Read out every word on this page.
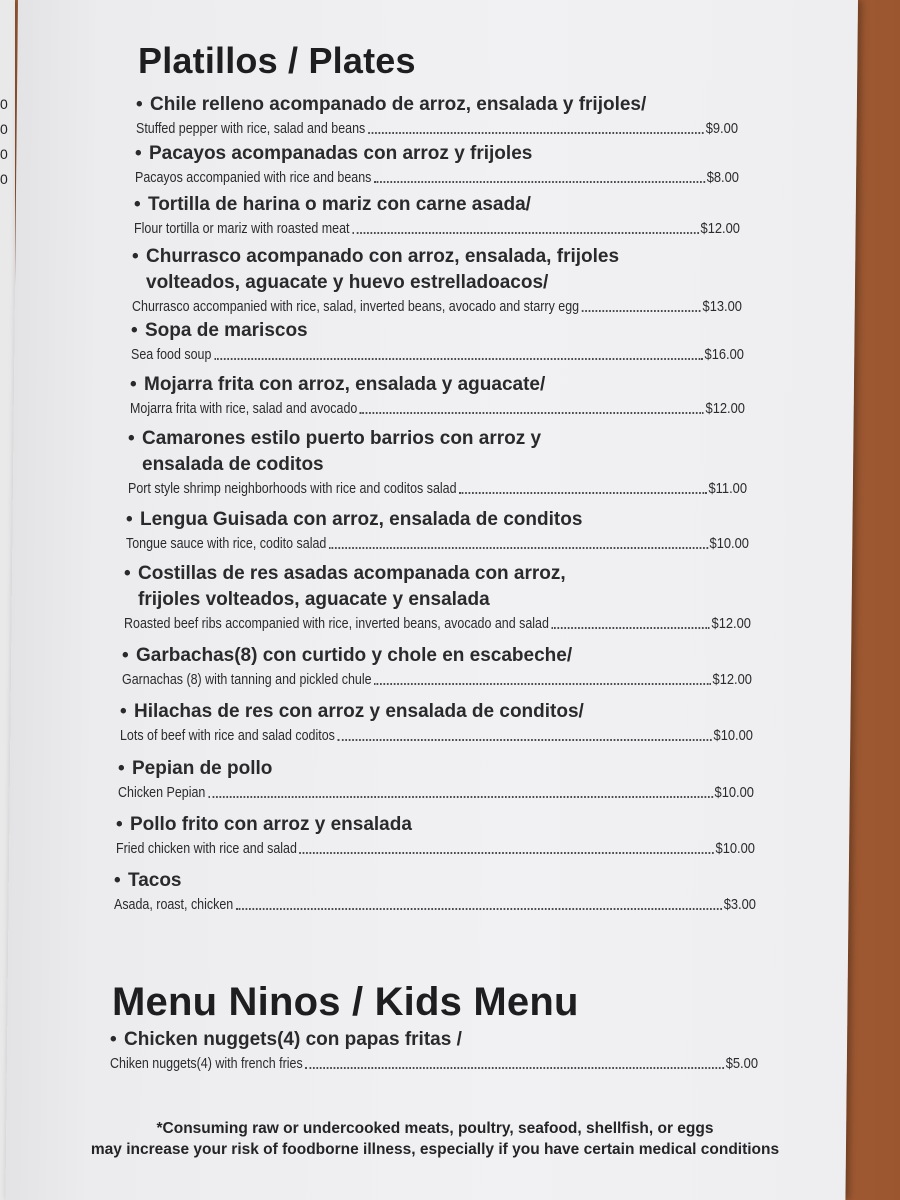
0
0
0
0
Platillos / Plates
• Chile relleno acompanado de arroz, ensalada y frijoles/
Stuffed pepper with rice, salad and beans	$9.00
• Pacayos acompanadas con arroz y frijoles
Pacayos accompanied with rice and beans	$8.00
• Tortilla de harina o mariz con carne asada/
Flour tortilla or mariz with roasted meat	$12.00
• Churrasco acompanado con arroz, ensalada, frijoles
volteados, aguacate y huevo estrelladoacos/
Churrasco accompanied with rice, salad, inverted beans, avocado and starry egg	$13.00
• Sopa de mariscos
Sea food soup	$16.00
• Mojarra frita con arroz, ensalada y aguacate/
Mojarra frita with rice, salad and avocado	$12.00
• Camarones estilo puerto barrios con arroz y
ensalada de coditos
Port style shrimp neighborhoods with rice and coditos salad	$11.00
• Lengua Guisada con arroz, ensalada de conditos
Tongue sauce with rice, codito salad	$10.00
• Costillas de res asadas acompanada con arroz,
frijoles volteados, aguacate y ensalada
Roasted beef ribs accompanied with rice, inverted beans, avocado and salad	$12.00
• Garbachas(8) con curtido y chole en escabeche/
Garnachas (8) with tanning and pickled chule	$12.00
• Hilachas de res con arroz y ensalada de conditos/
Lots of beef with rice and salad coditos	$10.00
• Pepian de pollo
Chicken Pepian	$10.00
• Pollo frito con arroz y ensalada
Fried chicken with rice and salad	$10.00
• Tacos
Asada, roast, chicken	$3.00
Menu Ninos / Kids Menu
• Chicken nuggets(4) con papas fritas /
Chiken nuggets(4) with french fries	$5.00
*Consuming raw or undercooked meats, poultry, seafood, shellfish, or eggs
may increase your risk of foodborne illness, especially if you have certain medical conditions
